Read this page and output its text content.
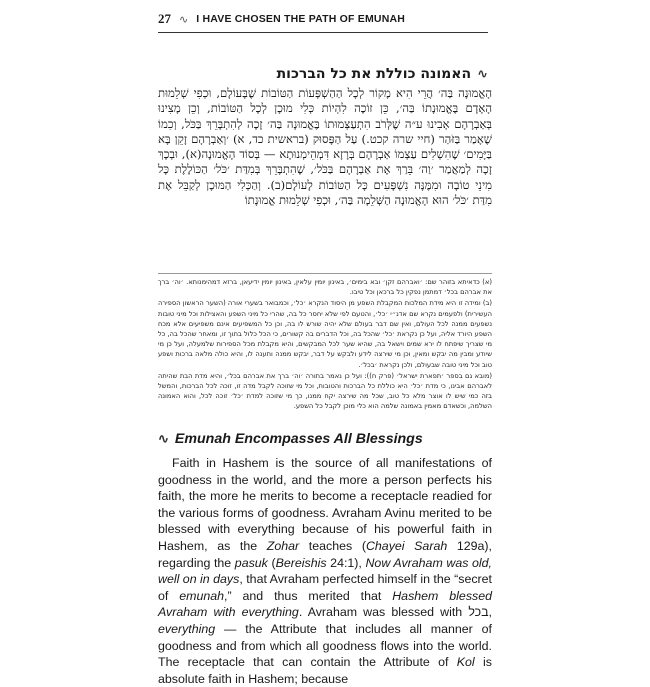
27 ∿ I HAVE CHOSEN THE PATH OF EMUNAH
∿
האמונה כוללת את כל הברכות

הָאֱמוּנָה בַּה׳ הֲרֵי הִיא מָקוֹר לְכָל הַהַשְׁפָּעוֹת הַטּוֹבוֹת שֶׁבָּעוֹלָם, וּכְפִי שְׁלֵמוּת הָאָדָם בֶּאֱמוּנָתוֹ בַּה׳, כֵּן זוֹכֶה לִהְיוֹת כְּלִי מוּכָן לְכָל הַטּוֹבוֹת, וְכֵן מָצִינוּ בְּאַבְרָהָם אָבִינוּ ע״ה שֶׁלְּרֹב הִתְעַצְּמוּתוֹ בֶּאֱמוּנָה בַּה׳ זָכָה לְהִתְבָּרֵךְ בַּכֹּל, וְכִמוֹ שֶׁאָמַר בַּזֹּהַר (חיי שרה קכט.) עַל הַפָּסוּק (בראשית כד, א) ׳וְאַבְרָהָם זָקֵן בָּא בַּיָּמִים׳ שֶׁהִשְׁלִים עַצְמוֹ אַבְרָהָם בְּרָזָא דִּמְהֵימְנוּתָא — בְּסוֹד הָאֱמוּנָה(א), וּבְכָךְ זָכָה לְמַאֲמַר ׳וַה׳ בֵּרַךְ אֶת אַבְרָהָם בַּכֹּל׳, שֶׁהִתְבָּרֵךְ בְּמִדַּת ׳כֹּל׳ הַכּוֹלֶלֶת כָּל מִינֵי טוֹבָה וּמִמֶּנָּה נִשְׁפָּעִים כָּל הַטּוֹבוֹת לָעוֹלָם(ב). וְהַכְּלִי הַמּוּכָן לְקַבֵּל אֶת מִדַּת ׳כֹּל׳ הוּא הָאֱמוּנָה הַשְּׁלֵמָה בַּה׳, וּכְפִי שְׁלֵמוּת אֱמוּנָתוֹ

(א) כדאיתא בזוהר שם: ׳ואברהם זקן׳ ובא בימים׳, באינון יומין עלאין, באינון יומין ידיעאן, ברזא דמהימנותא. ׳וה׳ ברך את אברהם בכל׳ דמתמן נפקין כל ברכאן וכל טיבו.

(ב) ומידה זו היא מידת המלכות המקבלת השפע מן היסוד הנקרא ׳כל׳, וכמבואר בשערי אורה (השער הראשון הספירה העשירית) ולפעמים נקרא שם אדנ״י ׳כל׳, והטעם לפי שלא יחסר כל בה, שהרי כל מיני השפע והאצילות וכל מיני טובות נשפעים ממנה לכל העולם, ואין שם דבר בעולם שלא יהיה שורש לו בה, וכן כל המשפיעים אינם משפיעים אלא מכח השפע היורד אליה, ועל כן נקראת ׳כל׳ שהכל בה, וכל הדברים בה קשורים, כי הכל כלול בתוך זו, ומאחר שהכל בה, כל מי שצריך שיפתח לו ירא שמים וישאל בה, שהיא שער לכל המבקשים, והיא מקבלת מכל הספירות שלמעלה, ועל כן מי שיודע ומבין מה יבקש ומאין, וכן מי שירצה לידע ולבקש על דבר, יבקש ממנה ותענה לו, והיא כולה מלאה ברכות ושפע טוב וכל מיני טובה שבעולם, ולכן נקראת ׳בכל׳.

(מובא גם בספר ׳תפארת ישראל׳ (פרק ח)): ועל כן נאמר בתורה ׳וה׳ ברך את אברהם בכל׳, והיא מדת הבת שהיתה לאברהם אבינו, כי מדת ׳כל׳ היא כוללת כל הברכות והטובות, וכל מי שזוכה לקבל מדה זו, זוכה לכל הברכות, והמשל בזה כמי שיש לו אוצר מלא כל טוב, שכל מה שירצה יקח ממנו, כך מי שזוכה למדת ׳כל׳ זוכה לכל, והוא האמונה השלמה, וכשאדם מאמין באמונה שלמה הוא כלי מוכן לקבל כל השפע.

∿ Emunah Encompasses All Blessings

Faith in Hashem is the source of all manifestations of goodness in the world, and the more a person perfects his faith, the more he merits to become a receptacle readied for the various forms of goodness. Avraham Avinu merited to be blessed with everything because of his powerful faith in Hashem, as the Zohar teaches (Chayei Sarah 129a), regarding the pasuk (Bereishis 24:1), Now Avraham was old, well on in days, that Avraham perfected himself in the “secret of emunah,” and thus merited that Hashem blessed Avraham with everything. Avraham was blessed with בכל, everything — the Attribute that includes all manner of goodness and from which all goodness flows into the world. The receptacle that can contain the Attribute of Kol is absolute faith in Hashem; because
